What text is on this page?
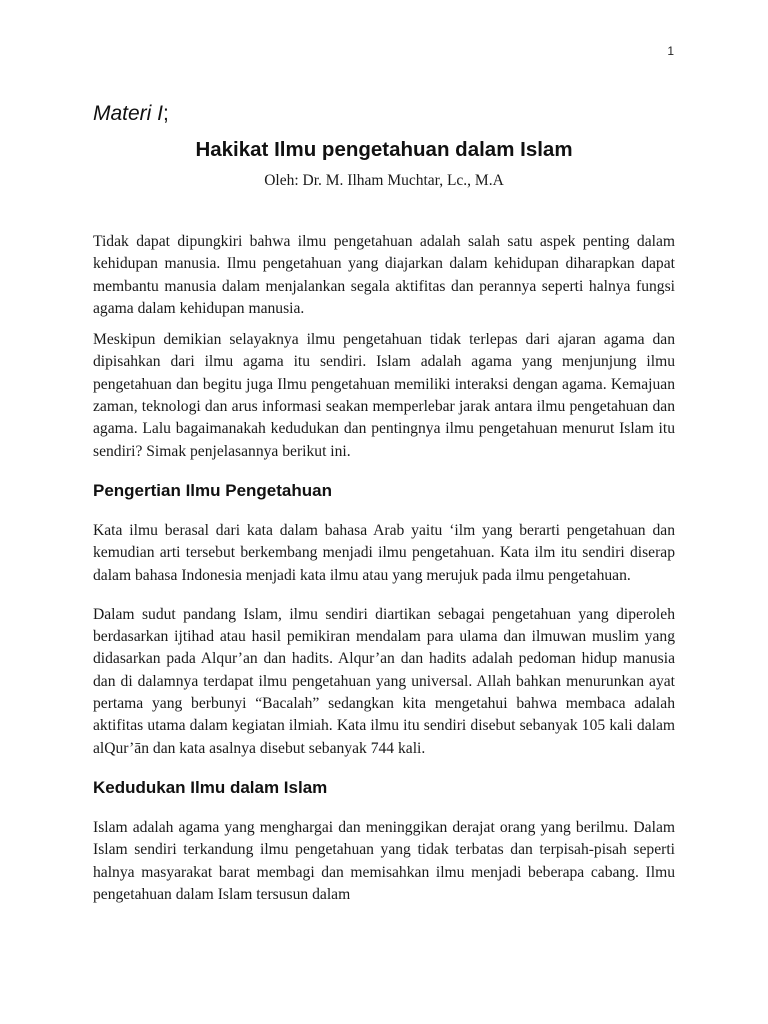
1

Materi I;

Hakikat Ilmu pengetahuan dalam Islam

Oleh: Dr. M. Ilham Muchtar, Lc., M.A

Tidak dapat dipungkiri bahwa ilmu pengetahuan adalah salah satu aspek penting dalam kehidupan manusia. Ilmu pengetahuan yang diajarkan dalam kehidupan diharapkan dapat membantu manusia dalam menjalankan segala aktifitas dan perannya seperti halnya fungsi agama dalam kehidupan manusia.

Meskipun demikian selayaknya ilmu pengetahuan tidak terlepas dari ajaran agama dan dipisahkan dari ilmu agama itu sendiri. Islam adalah agama yang menjunjung ilmu pengetahuan dan begitu juga Ilmu pengetahuan memiliki interaksi dengan agama. Kemajuan zaman, teknologi dan arus informasi seakan memperlebar jarak antara ilmu pengetahuan dan agama. Lalu bagaimanakah kedudukan dan pentingnya ilmu pengetahuan menurut Islam itu sendiri? Simak penjelasannya berikut ini.

Pengertian Ilmu Pengetahuan

Kata ilmu berasal dari kata dalam bahasa Arab yaitu ‘ilm yang berarti pengetahuan dan kemudian arti tersebut berkembang menjadi ilmu pengetahuan. Kata ilm itu sendiri diserap dalam bahasa Indonesia menjadi kata ilmu atau yang merujuk pada ilmu pengetahuan.

Dalam sudut pandang Islam, ilmu sendiri diartikan sebagai pengetahuan yang diperoleh berdasarkan ijtihad atau hasil pemikiran mendalam para ulama dan ilmuwan muslim yang didasarkan pada Alqur’an dan hadits. Alqur’an dan hadits adalah pedoman hidup manusia dan di dalamnya terdapat ilmu pengetahuan yang universal. Allah bahkan menurunkan ayat pertama yang berbunyi “Bacalah” sedangkan kita mengetahui bahwa membaca adalah aktifitas utama dalam kegiatan ilmiah. Kata ilmu itu sendiri disebut sebanyak 105 kali dalam alQur’ān dan kata asalnya disebut sebanyak 744 kali.

Kedudukan Ilmu dalam Islam

Islam adalah agama yang menghargai dan meninggikan derajat orang yang berilmu. Dalam Islam sendiri terkandung ilmu pengetahuan yang tidak terbatas dan terpisah-pisah seperti halnya masyarakat barat membagi dan memisahkan ilmu menjadi beberapa cabang. Ilmu pengetahuan dalam Islam tersusun dalam
